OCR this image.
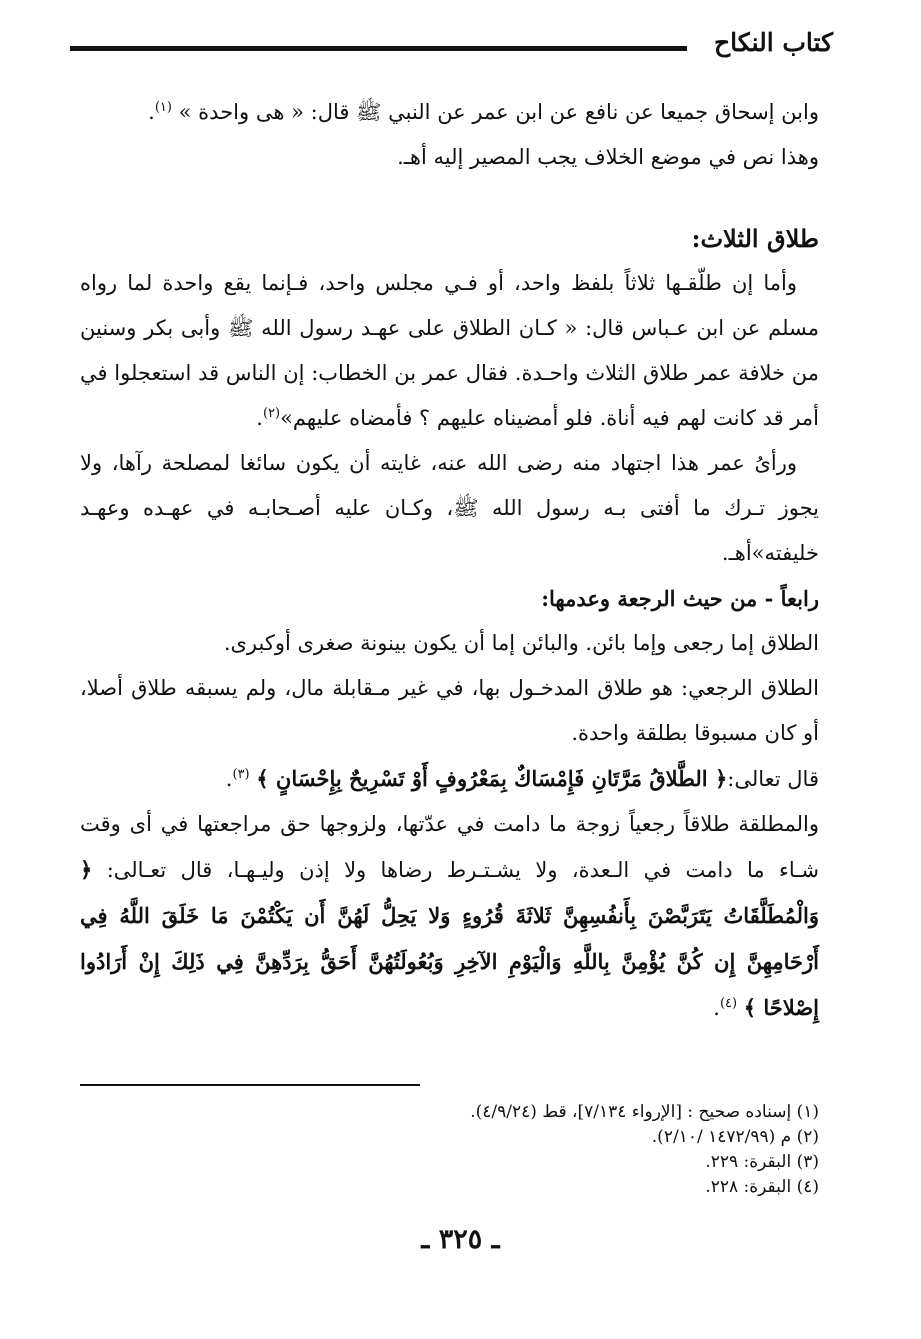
كتاب النكاح

وابن إسحاق جميعا عن نافع عن ابن عمر عن النبي ﷺ قال: « هى واحدة » $^{(١)}$.

وهذا نص في موضع الخلاف يجب المصير إليه أهـ.

طلاق الثلاث:

وأما إن طلّقـها ثلاثاً بلفظ واحد، أو فـي مجلس واحد، فـإنما يقع واحدة لما رواه مسلم عن ابن عـباس قال: « كـان الطلاق على عهـد رسول الله ﷺ وأبى بكر وسنين من خلافة عمر طلاق الثلاث واحـدة. فقال عمر بن الخطاب: إن الناس قد استعجلوا في أمر قد كانت لهم فيه أناة. فلو أمضيناه عليهم ؟ فأمضاه عليهم»$^{(٢)}$.

ورأىُ عمر هذا اجتهاد منه رضى الله عنه، غايته أن يكون سائغا لمصلحة رآها، ولا يجوز تـرك ما أفتى بـه رسول الله ﷺ، وكـان عليه أصـحابـه في عهـده وعهـد خليفته»أهـ.

رابعاً - من حيث الرجعة وعدمها:

الطلاق إما رجعى وإما بائن. والبائن إما أن يكون بينونة صغرى أوكبرى.

الطلاق الرجعي: هو طلاق المدخـول بها، في غير مـقابلة مال، ولم يسبقه طلاق أصلا، أو كان مسبوقا بطلقة واحدة.

قال تعالى:﴿ الطَّلاقُ مَرَّتَانِ فَإِمْسَاكٌ بِمَعْرُوفٍ أَوْ تَسْرِيحٌ بِإِحْسَانٍ ﴾ $^{(٣)}$.

والمطلقة طلاقاً رجعياً زوجة ما دامت في عدّتها، ولزوجها حق مراجعتها في أى وقت شـاء ما دامت في الـعدة، ولا يشـتـرط رضاها ولا إذن وليـهـا، قال تعـالى: ﴿ وَالْمُطَلَّقَاتُ يَتَرَبَّصْنَ بِأَنفُسِهِنَّ ثَلاثَةَ قُرُوءٍ وَلا يَحِلُّ لَهُنَّ أَن يَكْتُمْنَ مَا خَلَقَ اللَّهُ فِي أَرْحَامِهِنَّ إِن كُنَّ يُؤْمِنَّ بِاللَّهِ وَالْيَوْمِ الآخِرِ وَبُعُولَتُهُنَّ أَحَقُّ بِرَدِّهِنَّ فِي ذَلِكَ إِنْ أَرَادُوا إِصْلاحًا ﴾ $^{(٤)}$.

(١) إسناده صحيح : [الإرواء ٧/١٣٤]، قط (٤/٩/٢٤).

(٢) م (١٤٧٢/٩٩ /٢/١٠).

(٣) البقرة: ٢٢٩.

(٤) البقرة: ٢٢٨.

ـ ٣٢٥ ـ
